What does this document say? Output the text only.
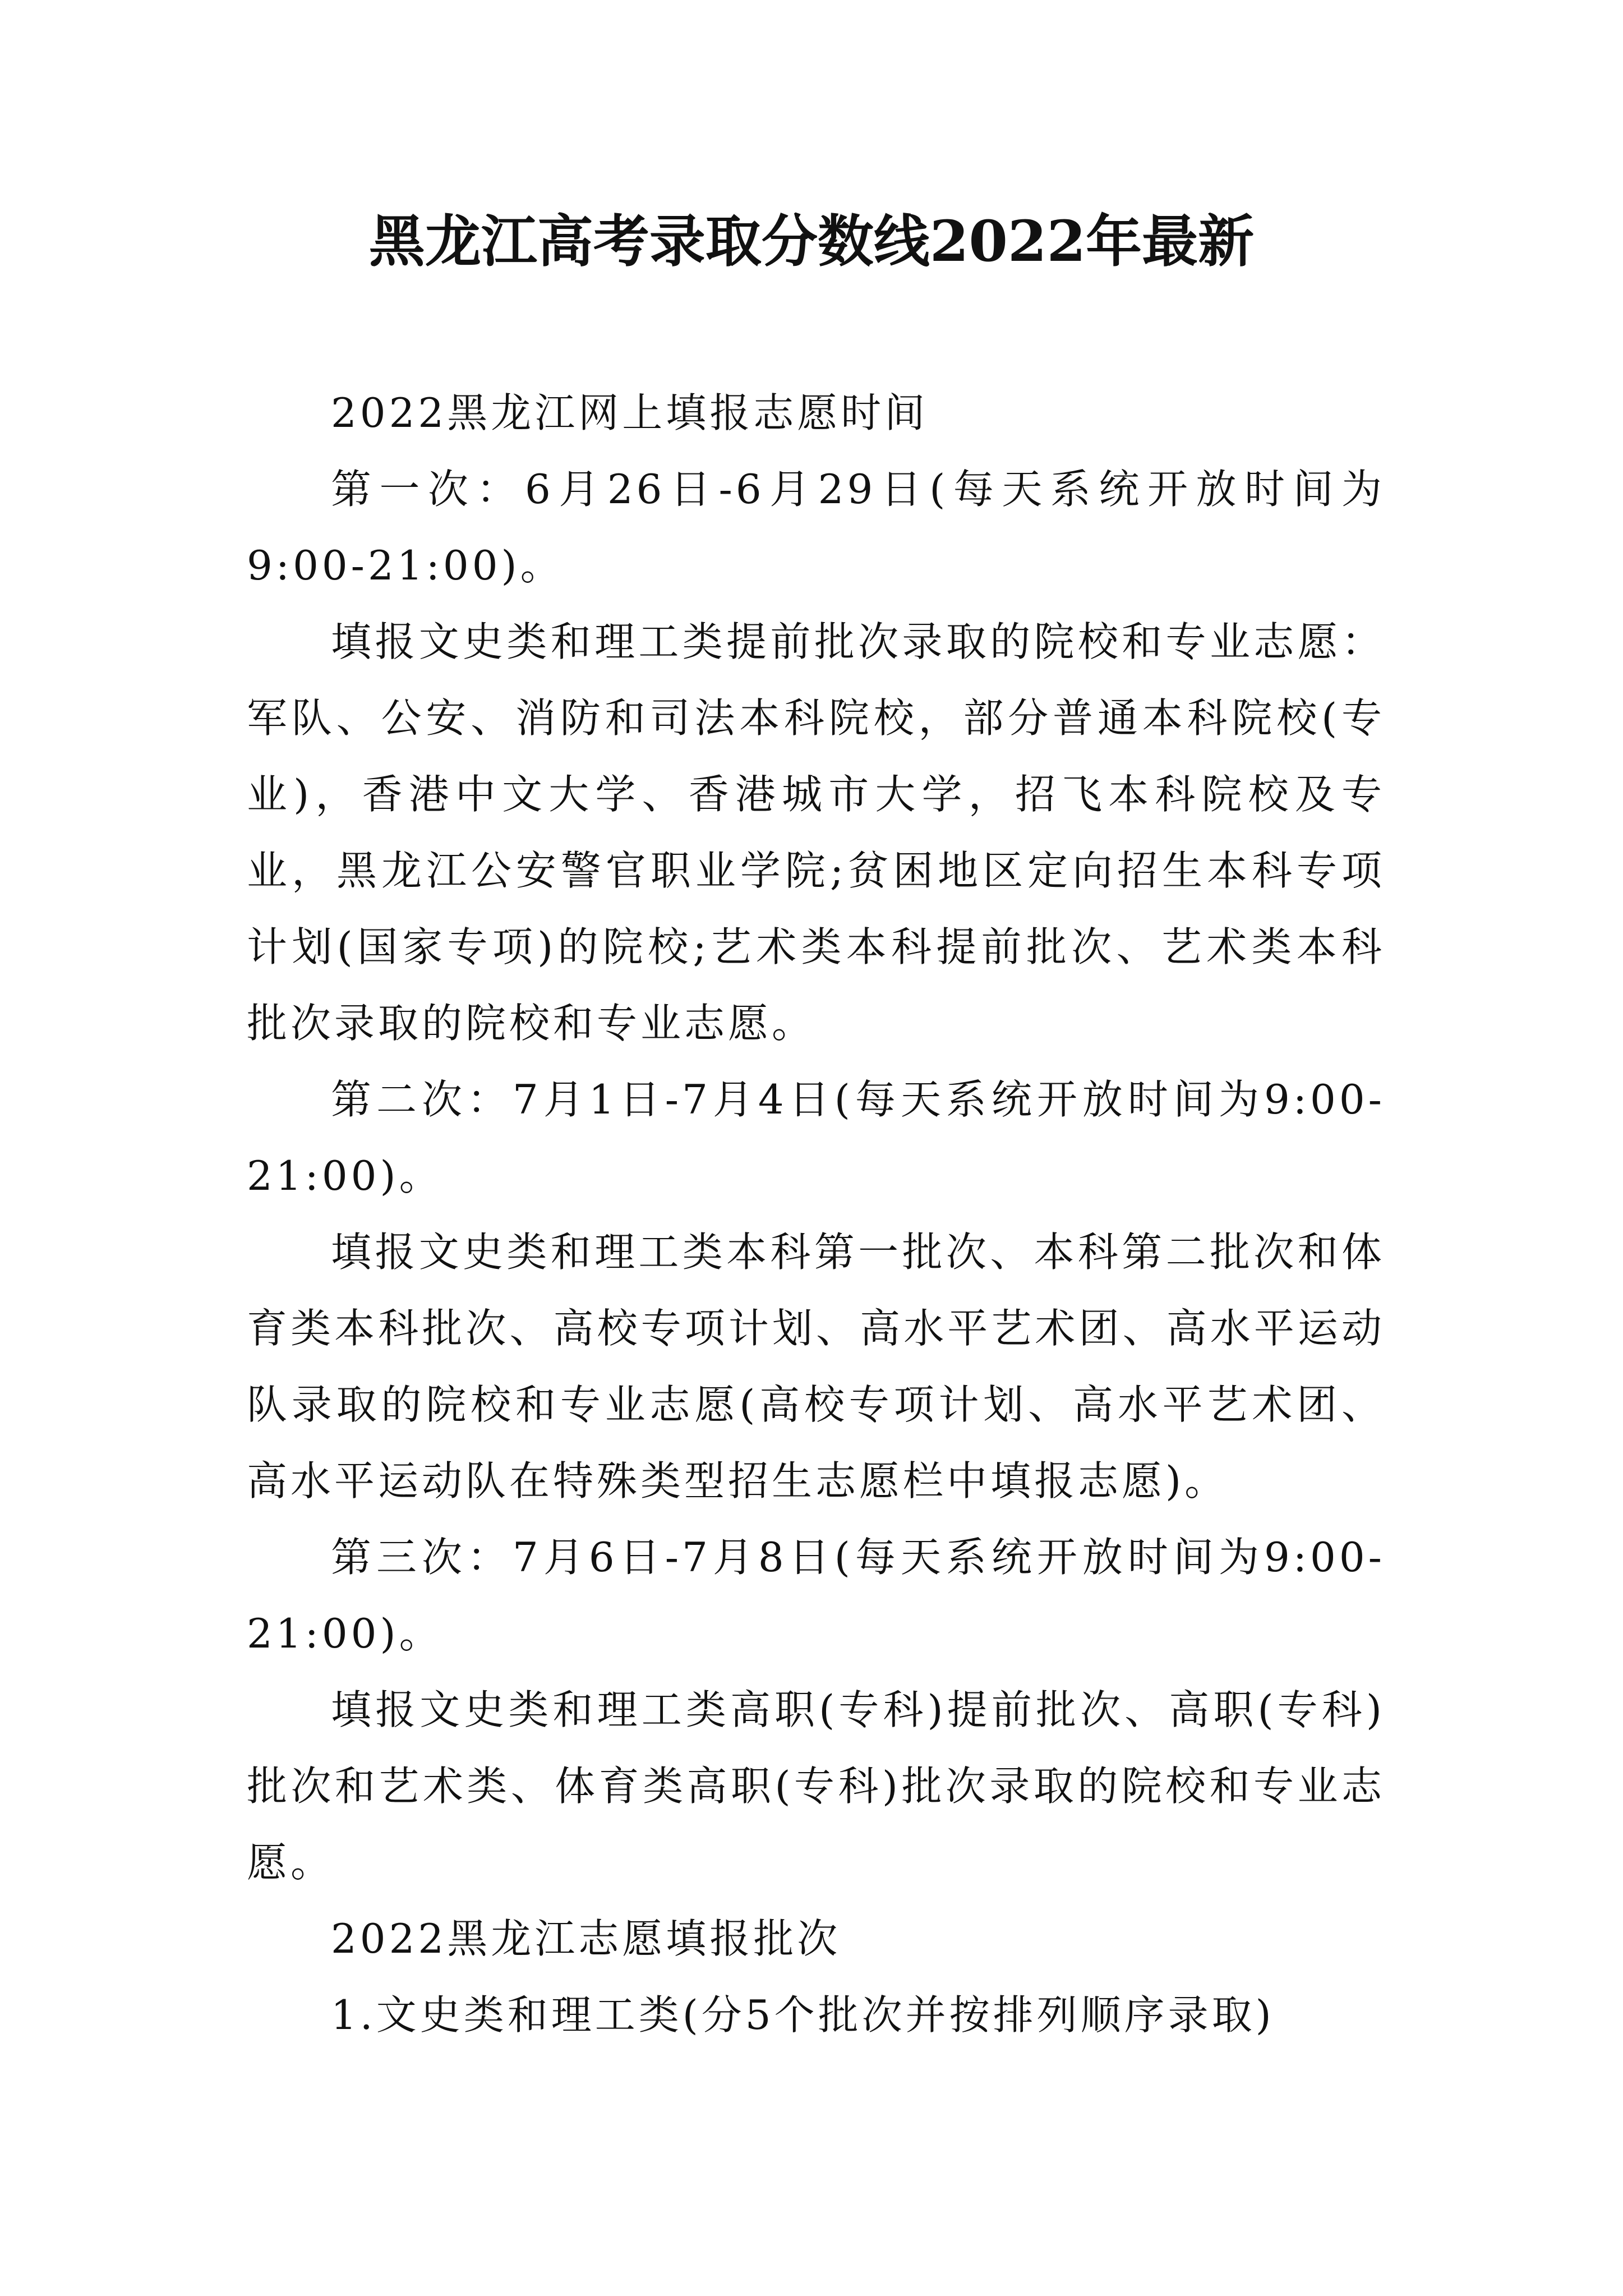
黑龙江高考录取分数线2022年最新

2022黑龙江网上填报志愿时间

第一次：6月26日-6月29日(每天系统开放时间为9:00-21:00)。

填报文史类和理工类提前批次录取的院校和专业志愿：军队、公安、消防和司法本科院校，部分普通本科院校(专业)，香港中文大学、香港城市大学，招飞本科院校及专业，黑龙江公安警官职业学院;贫困地区定向招生本科专项计划(国家专项)的院校;艺术类本科提前批次、艺术类本科批次录取的院校和专业志愿。

第二次：7月1日-7月4日(每天系统开放时间为9:00-21:00)。

填报文史类和理工类本科第一批次、本科第二批次和体育类本科批次、高校专项计划、高水平艺术团、高水平运动队录取的院校和专业志愿(高校专项计划、高水平艺术团、高水平运动队在特殊类型招生志愿栏中填报志愿)。

第三次：7月6日-7月8日(每天系统开放时间为9:00-21:00)。

填报文史类和理工类高职(专科)提前批次、高职(专科)批次和艺术类、体育类高职(专科)批次录取的院校和专业志愿。

2022黑龙江志愿填报批次

1.文史类和理工类(分5个批次并按排列顺序录取)
